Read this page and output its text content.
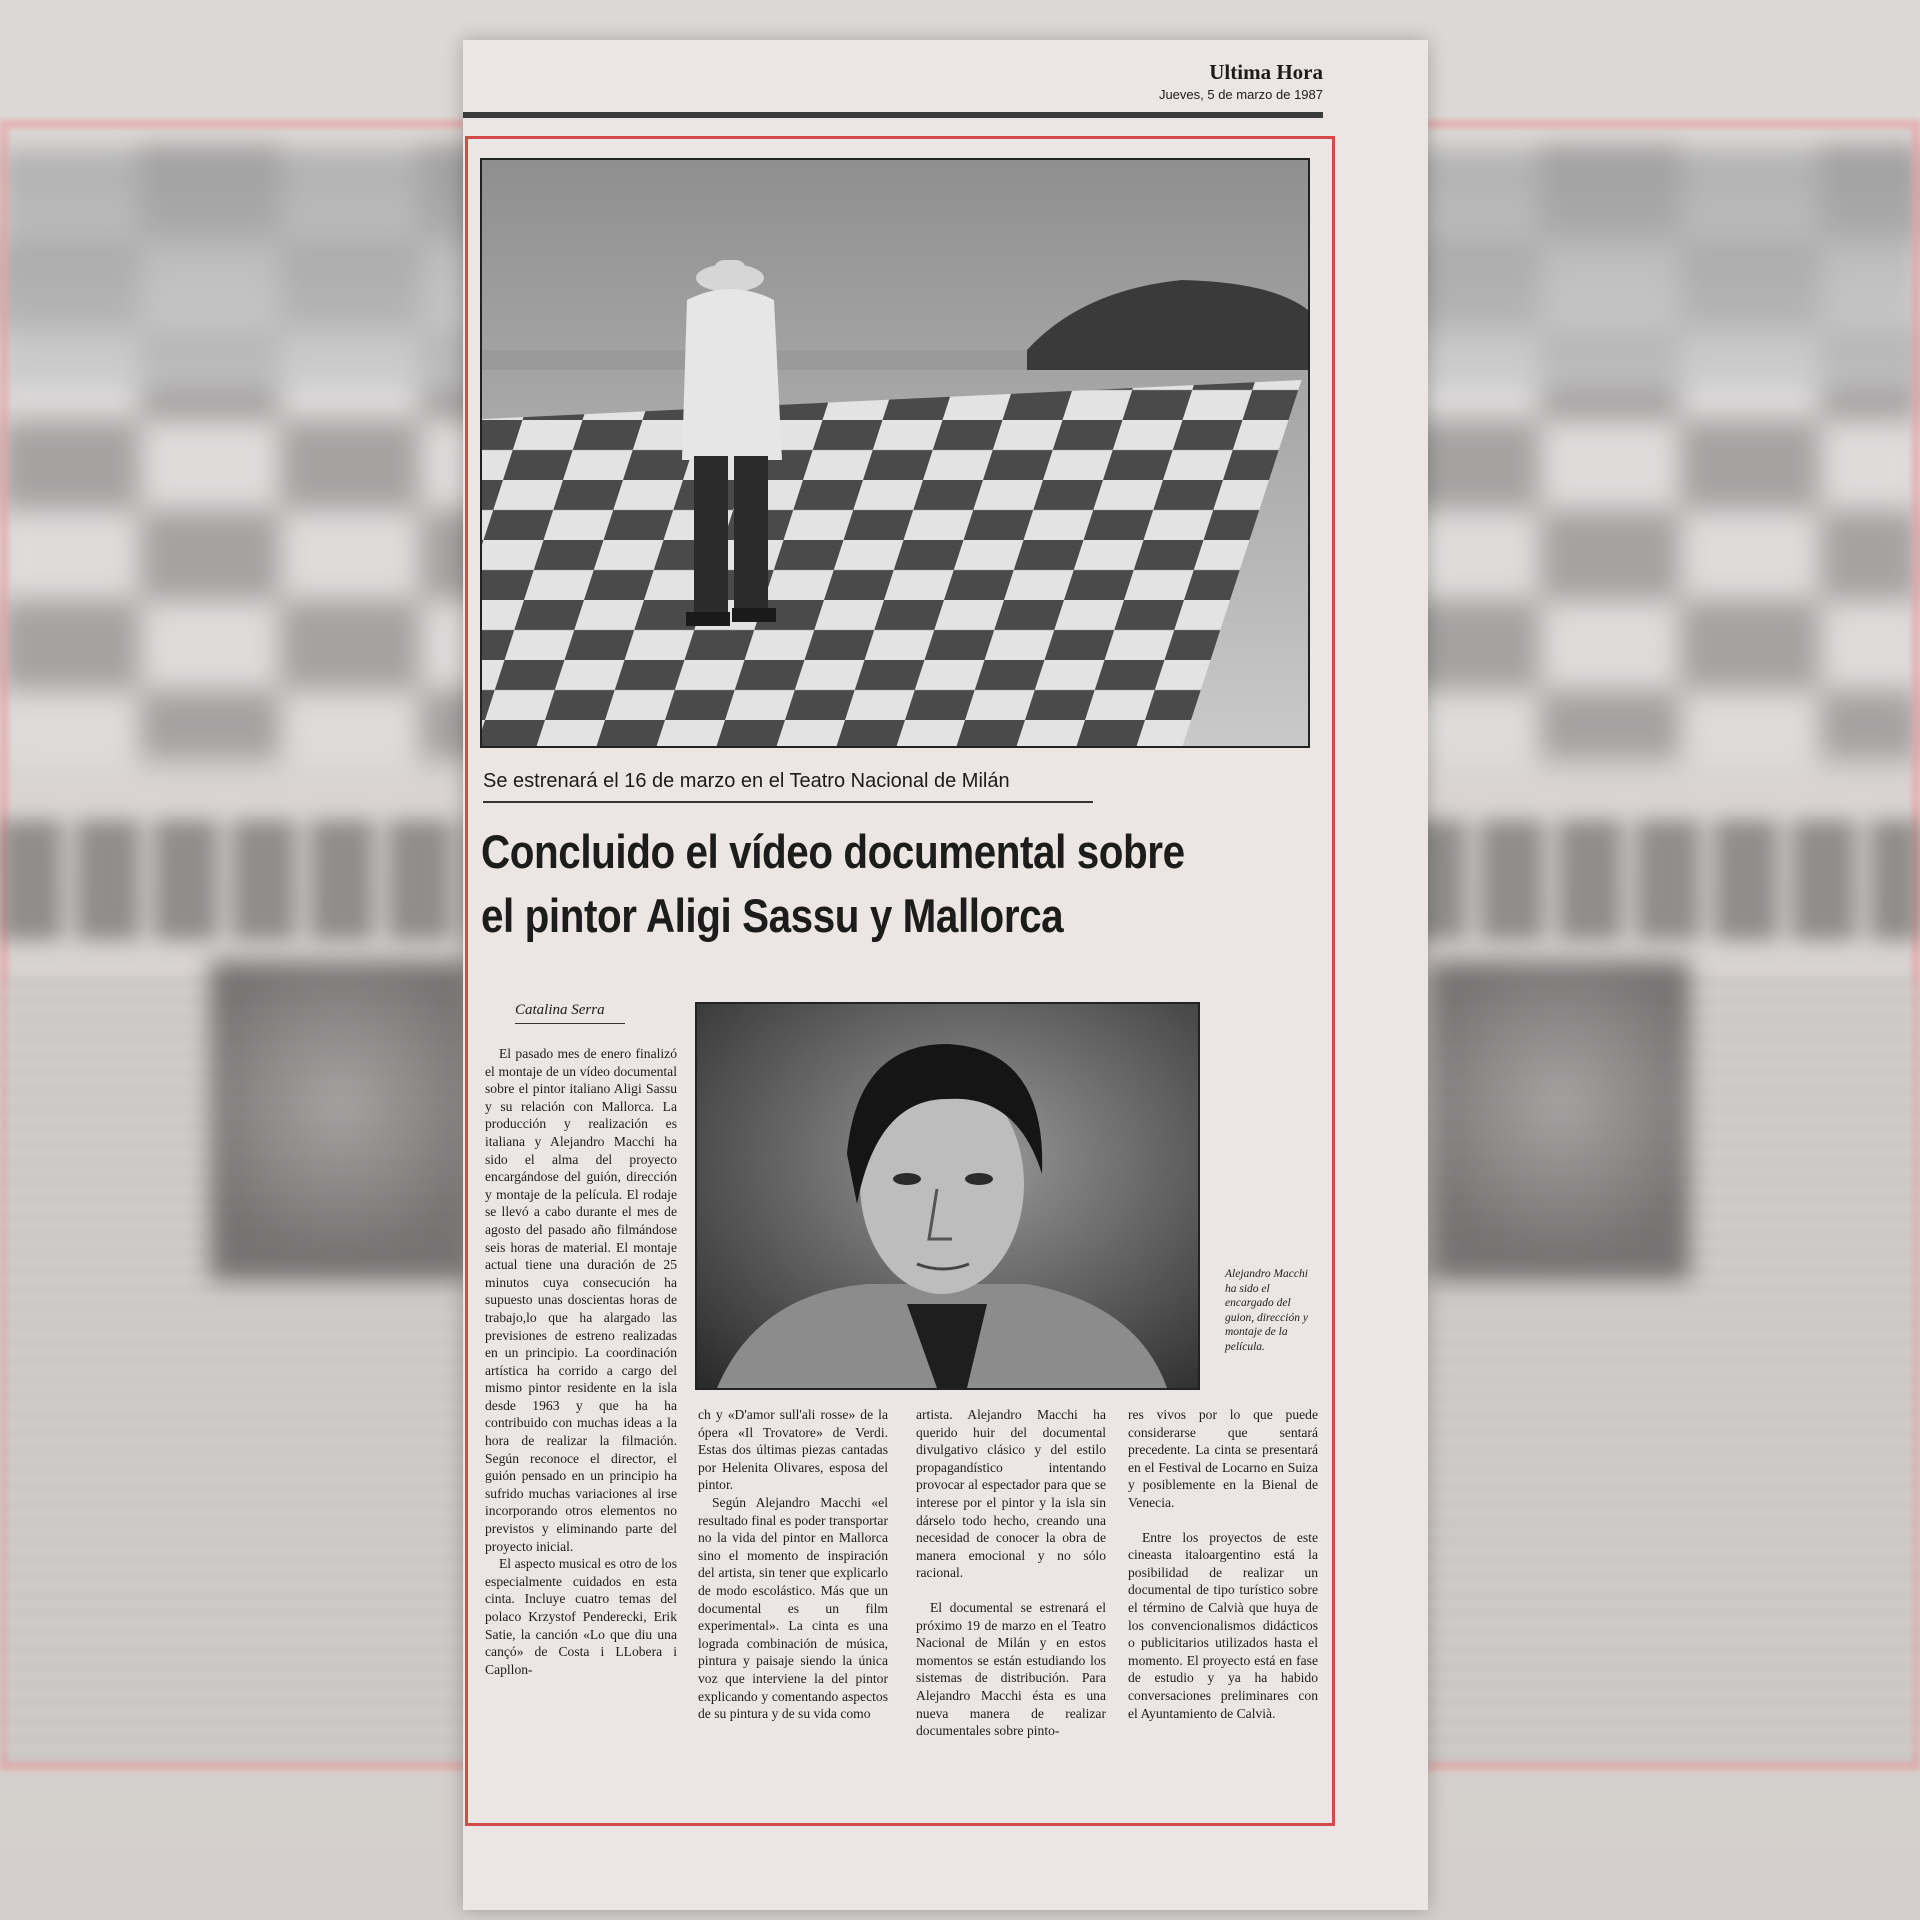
Ultima Hora
Jueves, 5 de marzo de 1987
Se estrenará el 16 de marzo en el Teatro Nacional de Milán
Concluido el vídeo documental sobre
el pintor Aligi Sassu y Mallorca
Catalina Serra
Alejandro Macchi ha sido el encargado del guion, dirección y montaje de la película.

El pasado mes de enero finalizó el montaje de un vídeo documental sobre el pintor italiano Aligi Sassu y su relación con Mallorca. La producción y realización es italiana y Alejandro Macchi ha sido el alma del proyecto encargándose del guión, dirección y montaje de la película. El rodaje se llevó a cabo durante el mes de agosto del pasado año filmándose seis horas de material. El montaje actual tiene una duración de 25 minutos cuya consecución ha supuesto unas doscientas horas de trabajo,lo que ha alargado las previsiones de estreno realizadas en un principio. La coordinación artística ha corrido a cargo del mismo pintor residente en la isla desde 1963 y que ha ha contribuido con muchas ideas a la hora de realizar la filmación. Según reconoce el director, el guión pensado en un principio ha sufrido muchas variaciones al irse incorporando otros elementos no previstos y eliminando parte del proyecto inicial.

El aspecto musical es otro de los especialmente cuidados en esta cinta. Incluye cuatro temas del polaco Krzystof Penderecki, Erik Satie, la canción «Lo que diu una cançó» de Costa i LLobera i Capllon-

ch y «D'amor sull'ali rosse» de la ópera «Il Trovatore» de Verdi. Estas dos últimas piezas cantadas por Helenita Olivares, esposa del pintor.

Según Alejandro Macchi «el resultado final es poder transportar no la vida del pintor en Mallorca sino el momento de inspiración del artista, sin tener que explicarlo de modo escolástico. Más que un documental es un film experimental». La cinta es una lograda combinación de música, pintura y paisaje siendo la única voz que interviene la del pintor explicando y comentando aspectos de su pintura y de su vida como

artista. Alejandro Macchi ha querido huir del documental divulgativo clásico y del estilo propagandístico intentando provocar al espectador para que se interese por el pintor y la isla sin dárselo todo hecho, creando una necesidad de conocer la obra de manera emocional y no sólo racional.

El documental se estrenará el próximo 19 de marzo en el Teatro Nacional de Milán y en estos momentos se están estudiando los sistemas de distribución. Para Alejandro Macchi ésta es una nueva manera de realizar documentales sobre pinto-

res vivos por lo que puede considerarse que sentará precedente. La cinta se presentará en el Festival de Locarno en Suiza y posiblemente en la Bienal de Venecia.

Entre los proyectos de este cineasta italoargentino está la posibilidad de realizar un documental de tipo turístico sobre el término de Calvià que huya de los convencionalismos didácticos o publicitarios utilizados hasta el momento. El proyecto está en fase de estudio y ya ha habido conversaciones preliminares con el Ayuntamiento de Calvià.
